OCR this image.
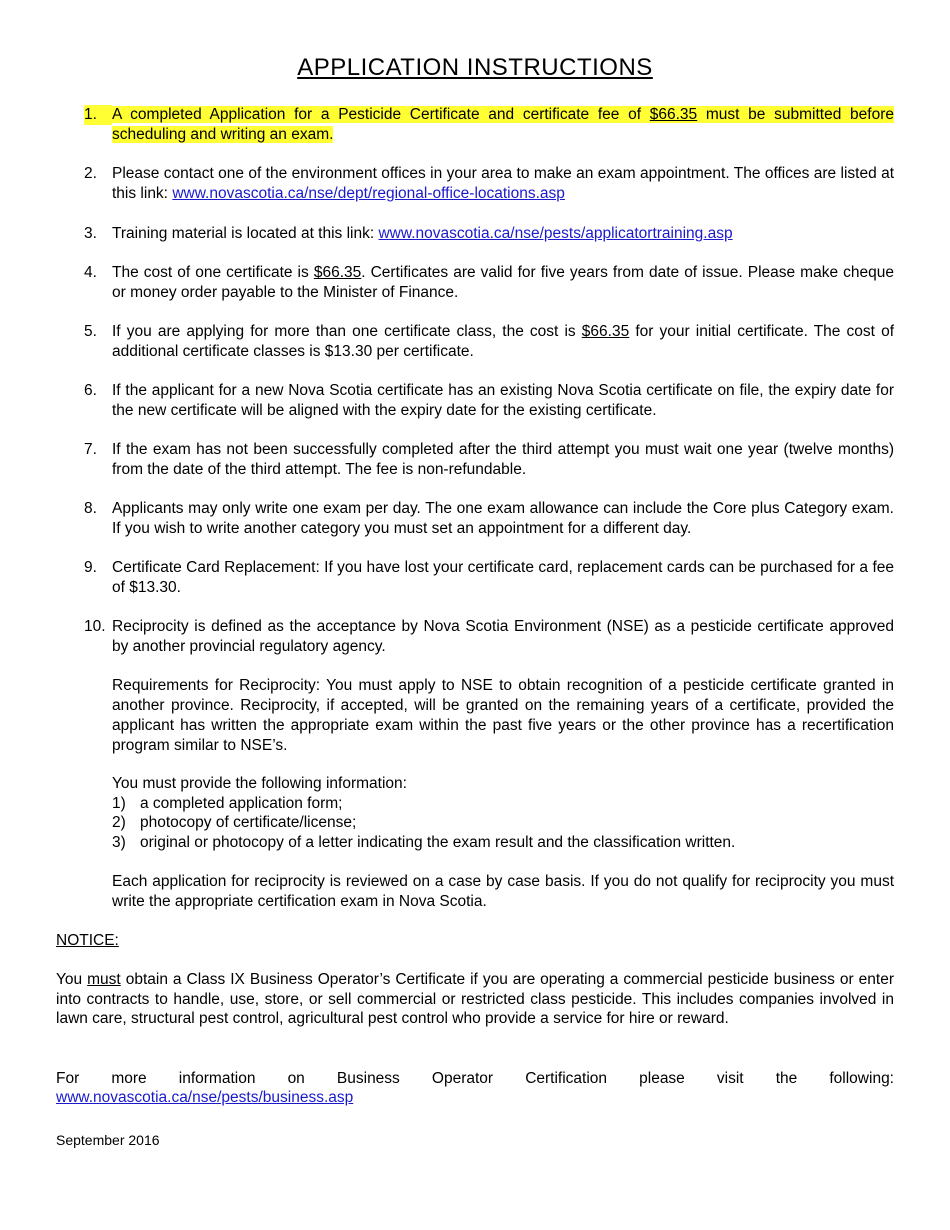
APPLICATION INSTRUCTIONS
1. A completed Application for a Pesticide Certificate and certificate fee of $66.35 must be submitted before scheduling and writing an exam.
2. Please contact one of the environment offices in your area to make an exam appointment. The offices are listed at this link: www.novascotia.ca/nse/dept/regional-office-locations.asp
3. Training material is located at this link: www.novascotia.ca/nse/pests/applicatortraining.asp
4. The cost of one certificate is $66.35. Certificates are valid for five years from date of issue. Please make cheque or money order payable to the Minister of Finance.
5. If you are applying for more than one certificate class, the cost is $66.35 for your initial certificate. The cost of additional certificate classes is $13.30 per certificate.
6. If the applicant for a new Nova Scotia certificate has an existing Nova Scotia certificate on file, the expiry date for the new certificate will be aligned with the expiry date for the existing certificate.
7. If the exam has not been successfully completed after the third attempt you must wait one year (twelve months) from the date of the third attempt. The fee is non-refundable.
8. Applicants may only write one exam per day. The one exam allowance can include the Core plus Category exam. If you wish to write another category you must set an appointment for a different day.
9. Certificate Card Replacement: If you have lost your certificate card, replacement cards can be purchased for a fee of $13.30.
10. Reciprocity is defined as the acceptance by Nova Scotia Environment (NSE) as a pesticide certificate approved by another provincial regulatory agency.
Requirements for Reciprocity: You must apply to NSE to obtain recognition of a pesticide certificate granted in another province. Reciprocity, if accepted, will be granted on the remaining years of a certificate, provided the applicant has written the appropriate exam within the past five years or the other province has a recertification program similar to NSE’s.
You must provide the following information:
1) a completed application form;
2) photocopy of certificate/license;
3) original or photocopy of a letter indicating the exam result and the classification written.
Each application for reciprocity is reviewed on a case by case basis. If you do not qualify for reciprocity you must write the appropriate certification exam in Nova Scotia.
NOTICE:
You must obtain a Class IX Business Operator’s Certificate if you are operating a commercial pesticide business or enter into contracts to handle, use, store, or sell commercial or restricted class pesticide. This includes companies involved in lawn care, structural pest control, agricultural pest control who provide a service for hire or reward.
For more information on Business Operator Certification please visit the following:
www.novascotia.ca/nse/pests/business.asp
September 2016
